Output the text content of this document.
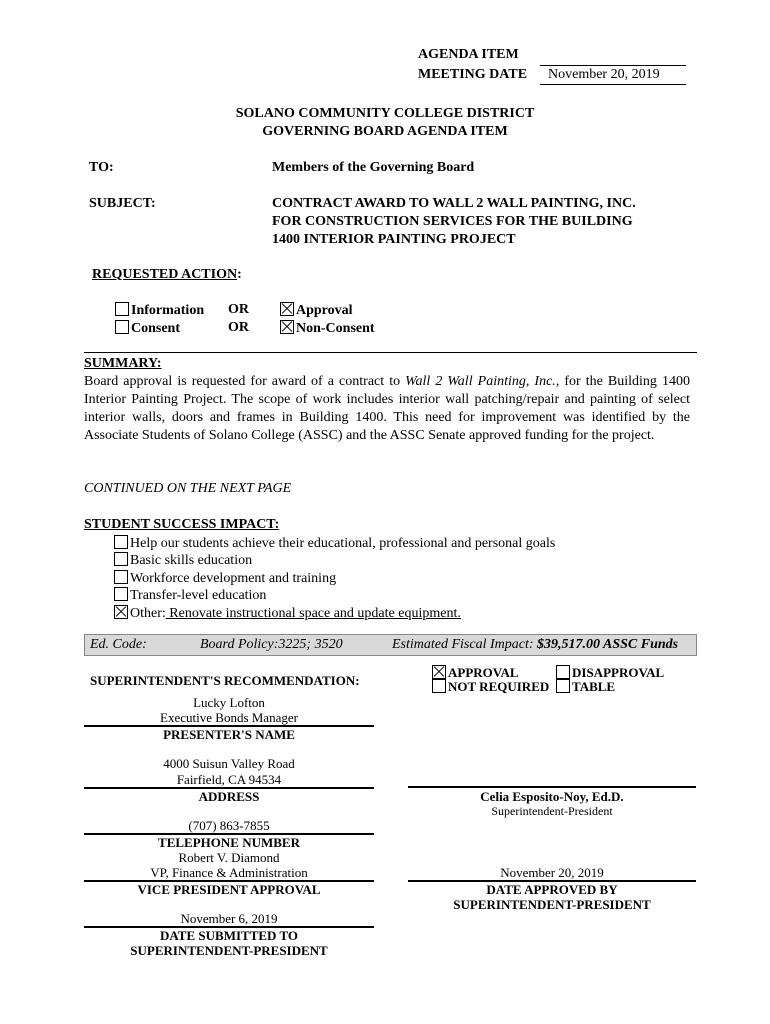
AGENDA ITEM
MEETING DATE November 20, 2019
SOLANO COMMUNITY COLLEGE DISTRICT
GOVERNING BOARD AGENDA ITEM
TO:	Members of the Governing Board
SUBJECT:	CONTRACT AWARD TO WALL 2 WALL PAINTING, INC.
FOR CONSTRUCTION SERVICES FOR THE BUILDING
1400 INTERIOR PAINTING PROJECT
REQUESTED ACTION:
Information OR	Approval
Consent	OR	Non-Consent
SUMMARY:
Board approval is requested for award of a contract to Wall 2 Wall Painting, Inc., for the Building 1400 Interior Painting Project. The scope of work includes interior wall patching/repair and painting of select interior walls, doors and frames in Building 1400. This need for improvement was identified by the Associate Students of Solano College (ASSC) and the ASSC Senate approved funding for the project.
CONTINUED ON THE NEXT PAGE
STUDENT SUCCESS IMPACT:
Help our students achieve their educational, professional and personal goals
Basic skills education
Workforce development and training
Transfer-level education
Other: Renovate instructional space and update equipment.
Ed. Code:	Board Policy:3225; 3520	Estimated Fiscal Impact: $39,517.00 ASSC Funds
SUPERINTENDENT'S RECOMMENDATION:
APPROVAL	DISAPPROVAL
NOT REQUIRED	TABLE
Lucky Lofton
Executive Bonds Manager
PRESENTER'S NAME
4000 Suisun Valley Road
Fairfield, CA 94534
ADDRESS
(707) 863-7855
TELEPHONE NUMBER
Robert V. Diamond
VP, Finance & Administration
VICE PRESIDENT APPROVAL
November 6, 2019
DATE SUBMITTED TO
SUPERINTENDENT-PRESIDENT
Celia Esposito-Noy, Ed.D.
Superintendent-President
November 20, 2019
DATE APPROVED BY
SUPERINTENDENT-PRESIDENT
